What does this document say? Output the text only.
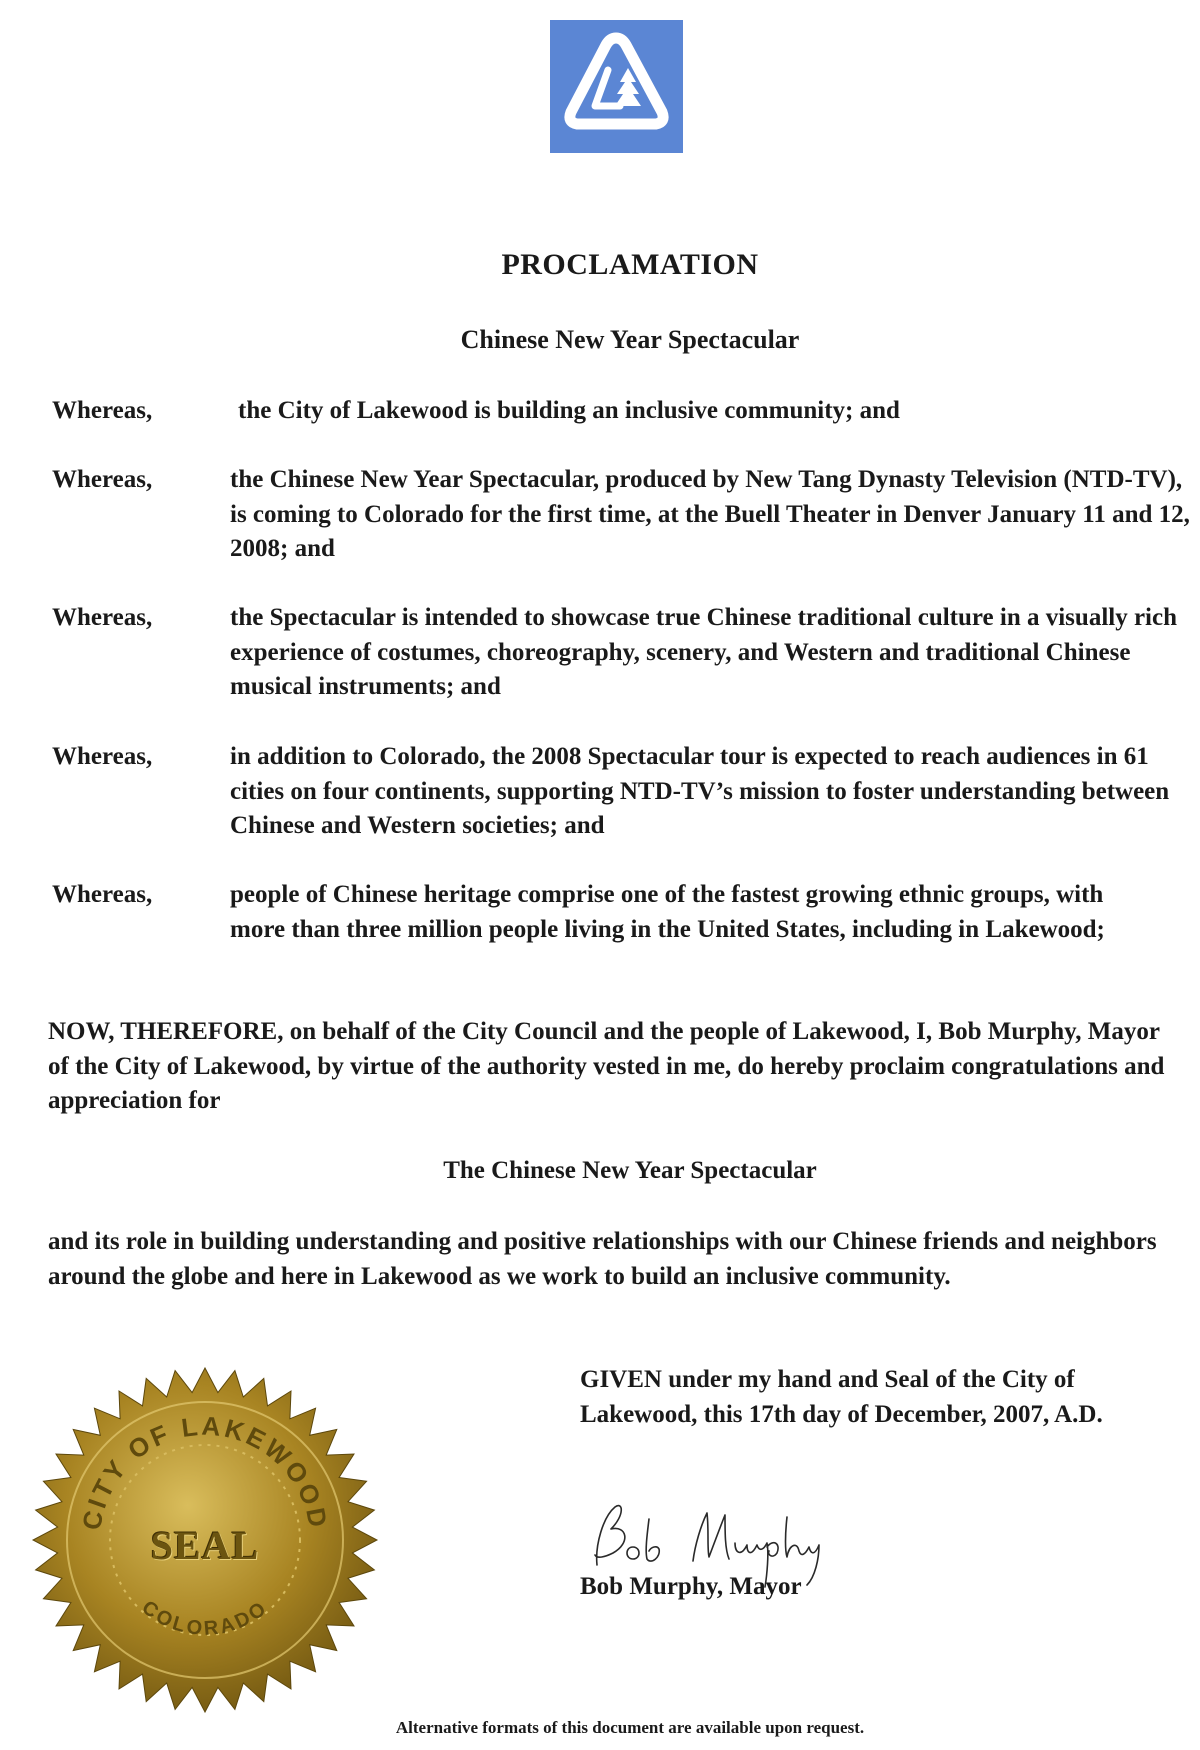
PROCLAMATION
Chinese New Year Spectacular
Whereas,	the City of Lakewood is building an inclusive community; and
Whereas,	the Chinese New Year Spectacular, produced by New Tang Dynasty Television (NTD-TV), is coming to Colorado for the first time, at the Buell Theater in Denver January 11 and 12, 2008; and
Whereas,	the Spectacular is intended to showcase true Chinese traditional culture in a visually rich experience of costumes, choreography, scenery, and Western and traditional Chinese musical instruments; and
Whereas,	in addition to Colorado, the 2008 Spectacular tour is expected to reach audiences in 61 cities on four continents, supporting NTD-TV’s mission to foster understanding between Chinese and Western societies; and
Whereas,	people of Chinese heritage comprise one of the fastest growing ethnic groups, with more than three million people living in the United States, including in Lakewood;
NOW, THEREFORE, on behalf of the City Council and the people of Lakewood, I, Bob Murphy, Mayor of the City of Lakewood, by virtue of the authority vested in me, do hereby proclaim congratulations and appreciation for
The Chinese New Year Spectacular
and its role in building understanding and positive relationships with our Chinese friends and neighbors around the globe and here in Lakewood as we work to build an inclusive community.
GIVEN under my hand and Seal of the City of Lakewood, this 17th day of December, 2007, A.D.
Bob Murphy, Mayor
CITY OF LAKEWOOD
COLORADO
SEAL
Alternative formats of this document are available upon request.
